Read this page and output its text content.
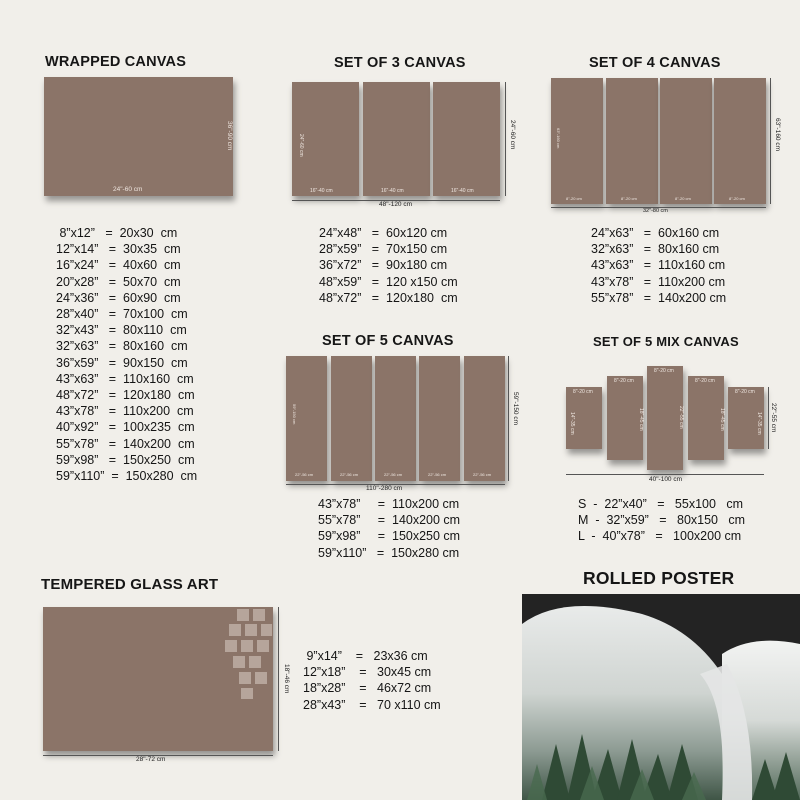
WRAPPED CANVAS
24"-60 cm
36"-90 cm
8”x12”   =  20x30  cm
12”x14”   =  30x35  cm
16”x24”   =  40x60  cm
20”x28”   =  50x70  cm
24”x36”   =  60x90  cm
28”x40”   =  70x100  cm
32”x43”   =  80x110  cm
32”x63”   =  80x160  cm
36”x59”   =  90x150  cm
43”x63”   =  110x160  cm
48”x72”   =  120x180  cm
43”x78”   =  110x200  cm
40”x92”   =  100x235  cm
55”x78”   =  140x200  cm
59”x98”   =  150x250  cm
59”x110”  =  150x280  cm
SET OF 3 CANVAS
24"-60 cm
16"-40 cm	16"-40 cm	16"-40 cm
48"-120 cm
24"-60 cm
24”x48”   =  60x120 cm
28”x59”   =  70x150 cm
36”x72”   =  90x180 cm
48”x59”   =  120 x150 cm
48”x72”   =  120x180  cm
SET OF 4 CANVAS
63"-160 cm
8"-20 cm	8"-20 cm	8"-20 cm	8"-20 cm
32"-80 cm
63"-160 cm
24”x63”   =  60x160 cm
32”x63”   =  80x160 cm
43”x63”   =  110x160 cm
43”x78”   =  110x200 cm
55”x78”   =  140x200 cm
SET OF 5 CANVAS
59"-150 cm
22"-56 cm	22"-56 cm	22"-56 cm	22"-56 cm	22"-56 cm
110"-280 cm
59"-150 cm
43”x78”     =  110x200 cm
55”x78”     =  140x200 cm
59”x98”     =  150x250 cm
59”x110”   =  150x280 cm
SET OF 5 MIX CANVAS
8"-20 cm
8"-20 cm
8"-20 cm
8"-20 cm
8"-20 cm
14"-35 cm	18"-45 cm	22"-55 cm	18"-45 cm	14"-35 cm
40"-100 cm
22"-55 cm
S  -  22”x40”   =   55x100   cm
M  -  32”x59”   =   80x150   cm
L  -  40”x78”   =   100x200 cm
TEMPERED GLASS ART
28"-72 cm
18"-46 cm
9”x14”    =   23x36 cm
12”x18”    =   30x45 cm
18”x28”    =   46x72 cm
28”x43”    =   70 x110 cm
ROLLED POSTER
